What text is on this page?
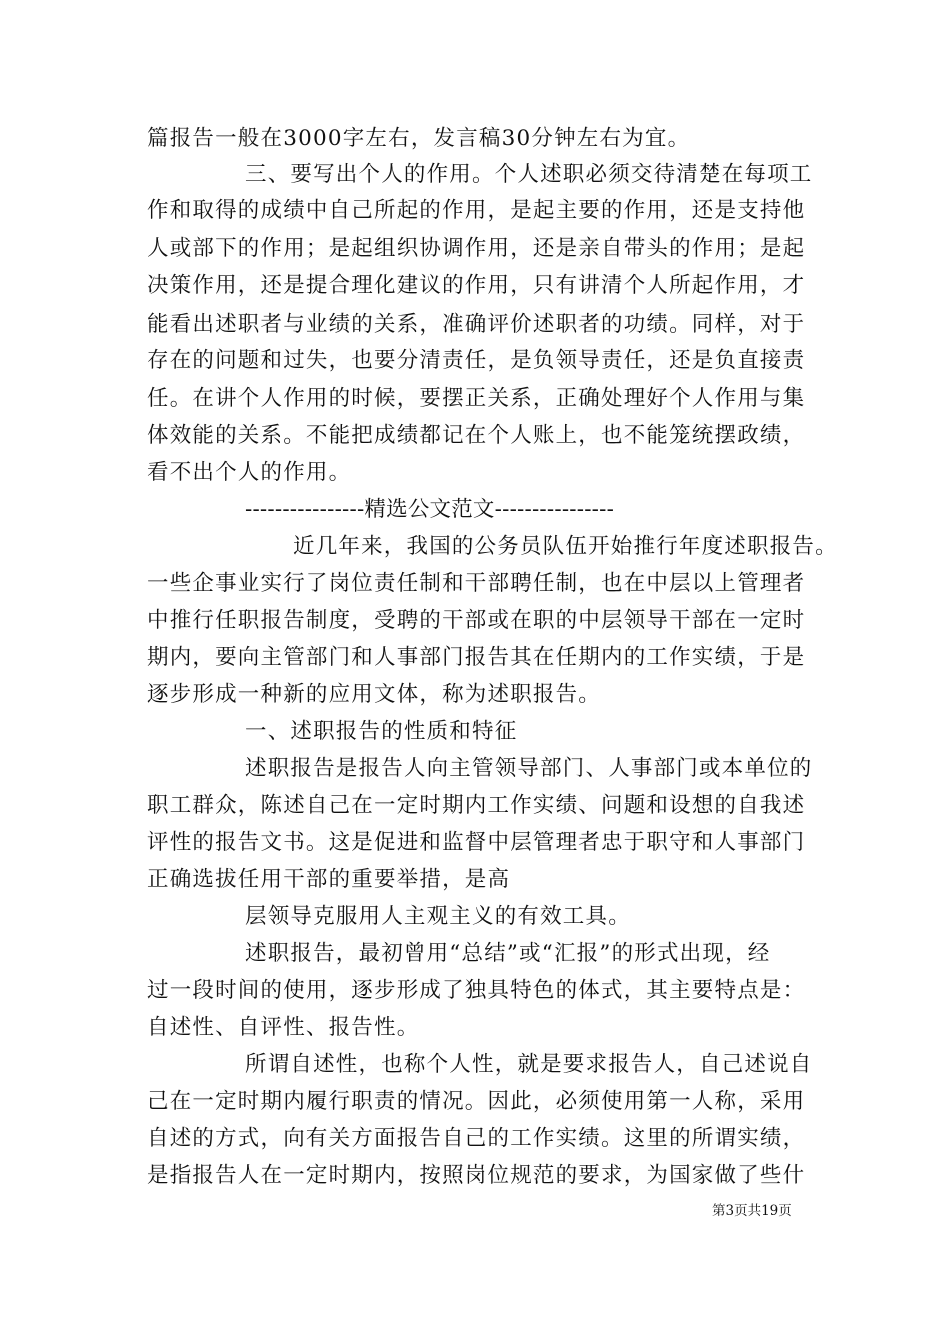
篇报告一般在3000字左右，发言稿30分钟左右为宜。
三、要写出个人的作用。个人述职必须交待清楚在每项工
作和取得的成绩中自己所起的作用，是起主要的作用，还是支持他
人或部下的作用；是起组织协调作用，还是亲自带头的作用；是起
决策作用，还是提合理化建议的作用，只有讲清个人所起作用，才
能看出述职者与业绩的关系，准确评价述职者的功绩。同样，对于
存在的问题和过失，也要分清责任，是负领导责任，还是负直接责
任。在讲个人作用的时候，要摆正关系，正确处理好个人作用与集
体效能的关系。不能把成绩都记在个人账上，也不能笼统摆政绩，
看不出个人的作用。
----------------精选公文范文----------------
近几年来，我国的公务员队伍开始推行年度述职报告。
一些企事业实行了岗位责任制和干部聘任制，也在中层以上管理者
中推行任职报告制度，受聘的干部或在职的中层领导干部在一定时
期内，要向主管部门和人事部门报告其在任期内的工作实绩，于是
逐步形成一种新的应用文体，称为述职报告。
一、述职报告的性质和特征
述职报告是报告人向主管领导部门、人事部门或本单位的
职工群众，陈述自己在一定时期内工作实绩、问题和设想的自我述
评性的报告文书。这是促进和监督中层管理者忠于职守和人事部门
正确选拔任用干部的重要举措，是高
层领导克服用人主观主义的有效工具。
述职报告，最初曾用“总结”或“汇报”的形式出现，经
过一段时间的使用，逐步形成了独具特色的体式，其主要特点是：
自述性、自评性、报告性。
所谓自述性，也称个人性，就是要求报告人，自己述说自
己在一定时期内履行职责的情况。因此，必须使用第一人称，采用
自述的方式，向有关方面报告自己的工作实绩。这里的所谓实绩，
是指报告人在一定时期内，按照岗位规范的要求，为国家做了些什
第3页共19页
